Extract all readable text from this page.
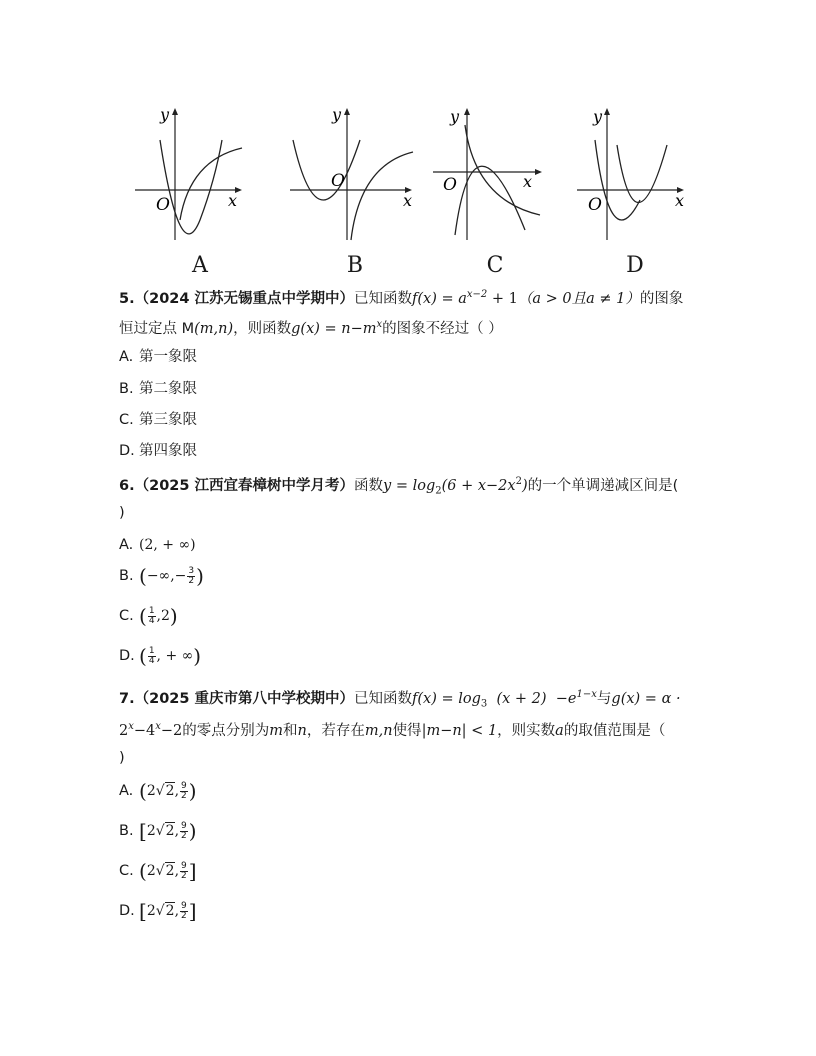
y
x
O
A
y
x
O
B
y
x
O
C
y
x
O
D
5.（2024 江苏无锡重点中学期中）已知函数$f(x) = a^{x-2} + 1(a > 0$且a ≠ 1）的图象
恒过定点 M(m,n)，则函数$g(x) = n-m^x$的图象不经过（ ）
A. 第一象限
B. 第二象限
C. 第三象限
D. 第四象限
6.（2025 江西宜春樟树中学月考）函数$y = \log_2(6 + x-2x^2)$的一个单调递减区间是(
)
A. (2, + ∞)
B. (−∞,− $\frac{3}{2}$ )
C. ( $\frac{1}{4} ,2$)
D. ( $\frac{1}{4}$ , + ∞)
7.（2025 重庆市第八中学校期中）已知函数$f(x) = \log_3 (x + 2) -e^{1-x}$与g(x) = α ·
$2^x-4^x-2$的零点分别为m和n，若存在m,n使得|m−n| < 1，则实数a的取值范围是（
)
A. (2√2, $\frac{9}{2}$ )
B. [2√2, $\frac{9}{2}$ )
C. (2√2, $\frac{9}{2}$ ]
D. [2√2, $\frac{9}{2}$ ]
